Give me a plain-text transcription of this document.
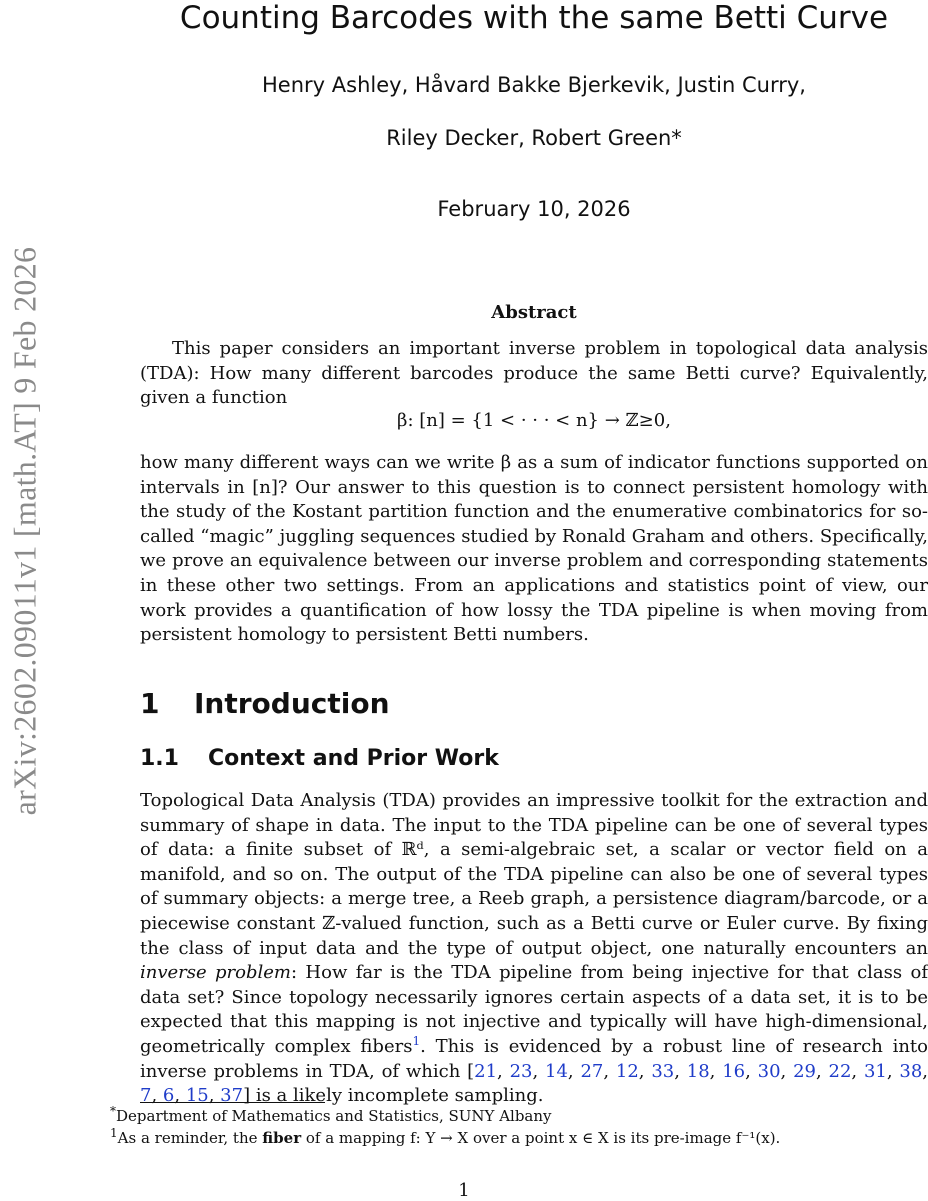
arXiv:2602.09011v1 [math.AT] 9 Feb 2026
Counting Barcodes with the same Betti Curve
Henry Ashley, Håvard Bakke Bjerkevik, Justin Curry,
Riley Decker, Robert Green*
February 10, 2026
Abstract

This paper considers an important inverse problem in topological data analysis (TDA): How many different barcodes produce the same Betti curve? Equivalently, given a function

β: [n] = {1 < · · · < n} → ℤ≥0,

how many different ways can we write β as a sum of indicator functions supported on intervals in [n]? Our answer to this question is to connect persistent homology with the study of the Kostant partition function and the enumerative combinatorics for so-called “magic” juggling sequences studied by Ronald Graham and others. Specifically, we prove an equivalence between our inverse problem and corresponding statements in these other two settings. From an applications and statistics point of view, our work provides a quantification of how lossy the TDA pipeline is when moving from persistent homology to persistent Betti numbers.

1 Introduction
1.1 Context and Prior Work

Topological Data Analysis (TDA) provides an impressive toolkit for the extraction and summary of shape in data. The input to the TDA pipeline can be one of several types of data: a finite subset of ℝᵈ, a semi-algebraic set, a scalar or vector field on a manifold, and so on. The output of the TDA pipeline can also be one of several types of summary objects: a merge tree, a Reeb graph, a persistence diagram/barcode, or a piecewise constant ℤ-valued function, such as a Betti curve or Euler curve. By fixing the class of input data and the type of output object, one naturally encounters an inverse problem: How far is the TDA pipeline from being injective for that class of data set? Since topology necessarily ignores certain aspects of a data set, it is to be expected that this mapping is not injective and typically will have high-dimensional, geometrically complex fibers$^1$. This is evidenced by a robust line of research into inverse problems in TDA, of which [21, 23, 14, 27, 12, 33, 18, 16, 30, 29, 22, 31, 38, 7, 6, 15, 37] is a likely incomplete sampling.

*Department of Mathematics and Statistics, SUNY Albany
$^1$As a reminder, the fiber of a mapping f: Y → X over a point x ∈ X is its pre-image f⁻¹(x).
1
